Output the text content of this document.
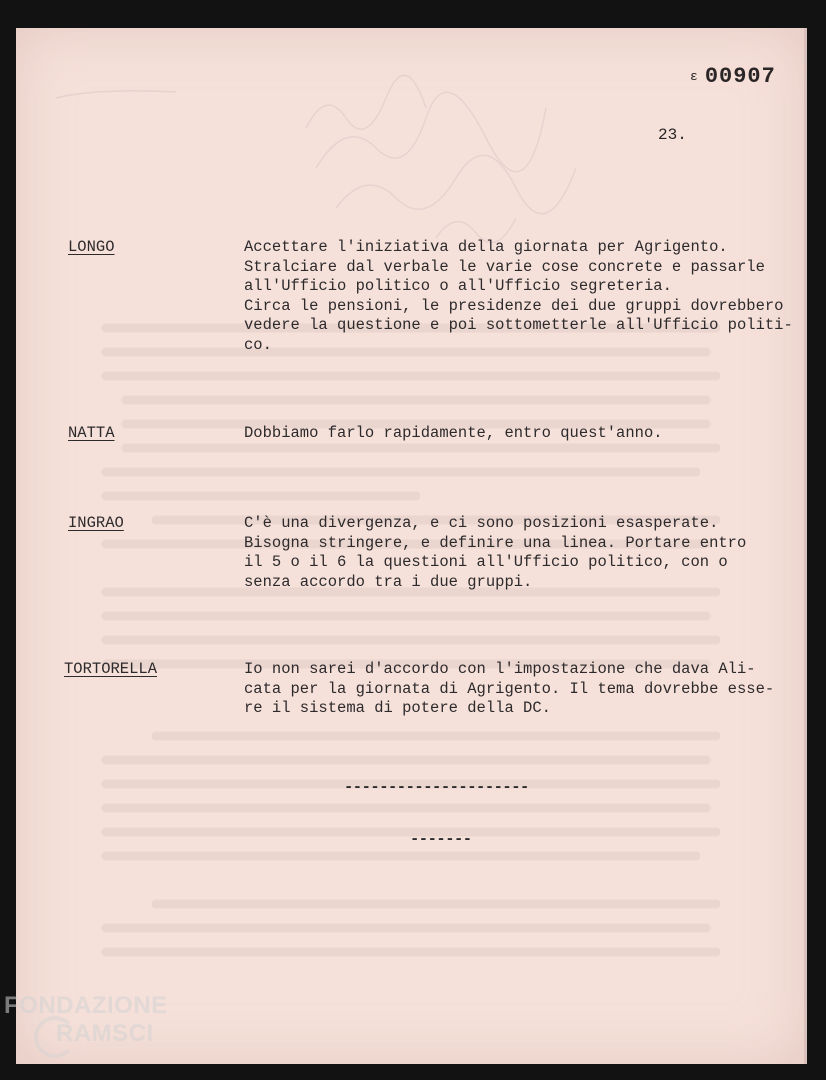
ε 00907
23.
LONGO	Accettare l'iniziativa della giornata per Agrigento.
Stralciare dal verbale le varie cose concrete e passarle
all'Ufficio politico o all'Ufficio segreteria.
Circa le pensioni, le presidenze dei due gruppi dovrebbero
vedere la questione e poi sottometterle all'Ufficio politi-
co.
NATTA	Dobbiamo farlo rapidamente, entro quest'anno.
INGRAO	C'è una divergenza, e ci sono posizioni esasperate.
Bisogna stringere, e definire una linea. Portare entro
il 5 o il 6 la questioni all'Ufficio politico, con o
senza accordo tra i due gruppi.
TORTORELLA	Io non sarei d'accordo con l'impostazione che dava Ali-
cata per la giornata di Agrigento. Il tema dovrebbe esse-
re il sistema di potere della DC.
---------------------
-------
FONDAZIONE
RAMSCI
